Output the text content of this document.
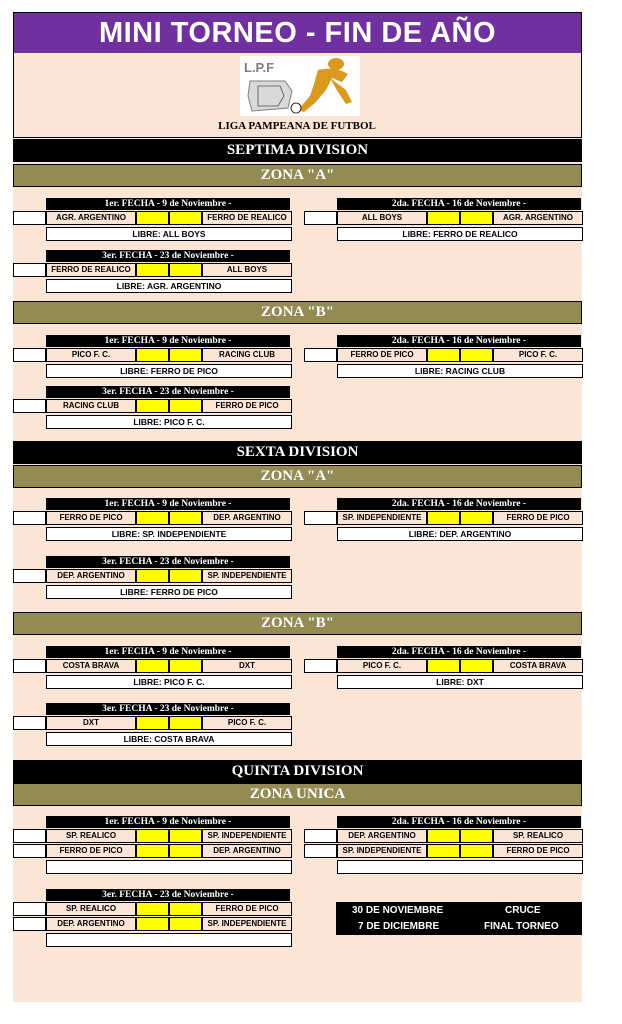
MINI TORNEO - FIN DE AÑO
L.P.F
LIGA PAMPEANA DE FUTBOL
SEPTIMA DIVISION
ZONA "A"
1er. FECHA - 9 de Noviembre -
AGR. ARGENTINO	FERRO DE REALICO
LIBRE: ALL BOYS
2da. FECHA - 16 de Noviembre -
ALL BOYS	AGR. ARGENTINO
LIBRE: FERRO DE REALICO
3er. FECHA - 23 de Noviembre -
FERRO DE REALICO	ALL BOYS
LIBRE: AGR. ARGENTINO
ZONA "B"
1er. FECHA - 9 de Noviembre -
PICO F. C.	RACING CLUB
LIBRE: FERRO DE PICO
2da. FECHA - 16 de Noviembre -
FERRO DE PICO	PICO F. C.
LIBRE: RACING CLUB
3er. FECHA - 23 de Noviembre -
RACING CLUB	FERRO DE PICO
LIBRE: PICO F. C.
SEXTA DIVISION
ZONA "A"
1er. FECHA - 9 de Noviembre -
FERRO DE PICO	DEP. ARGENTINO
LIBRE: SP. INDEPENDIENTE
2da. FECHA - 16 de Noviembre -
SP. INDEPENDIENTE	FERRO DE PICO
LIBRE: DEP. ARGENTINO
3er. FECHA - 23 de Noviembre -
DEP. ARGENTINO	SP. INDEPENDIENTE
LIBRE: FERRO DE PICO
ZONA "B"
1er. FECHA - 9 de Noviembre -
COSTA BRAVA	DXT
LIBRE: PICO F. C.
2da. FECHA - 16 de Noviembre -
PICO F. C.	COSTA BRAVA
LIBRE: DXT
3er. FECHA - 23 de Noviembre -
DXT	PICO F. C.
LIBRE: COSTA BRAVA
QUINTA DIVISION
ZONA UNICA
1er. FECHA - 9 de Noviembre -
SP. REALICO	SP. INDEPENDIENTE
FERRO DE PICO	DEP. ARGENTINO
2da. FECHA - 16 de Noviembre -
DEP. ARGENTINO	SP. REALICO
SP. INDEPENDIENTE	FERRO DE PICO
3er. FECHA - 23 de Noviembre -
SP. REALICO	FERRO DE PICO
DEP. ARGENTINO	SP. INDEPENDIENTE
30 DE NOVIEMBRE	CRUCE
7 DE DICIEMBRE	FINAL TORNEO
